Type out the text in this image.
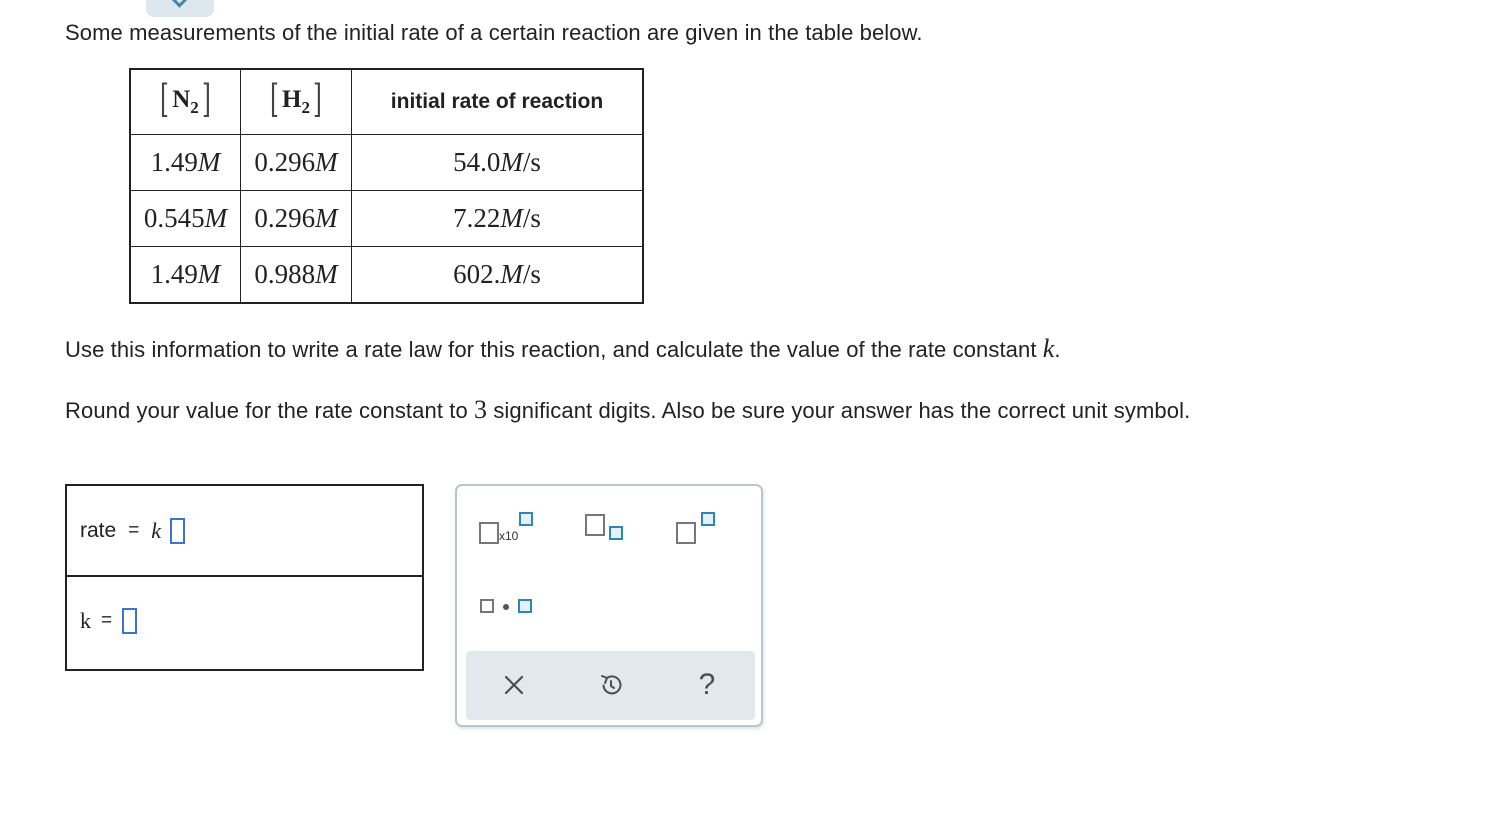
Some measurements of the initial rate of a certain reaction are given in the table below.
[ $N_2$]	[ $H_2$]	initial rate of reaction
1.49M	0.296M	54.0M/s
0.545M	0.296M	7.22M/s
1.49M	0.988M	602.M/s
Use this information to write a rate law for this reaction, and calculate the value of the rate constant k.
Round your value for the rate constant to 3 significant digits. Also be sure your answer has the correct unit symbol.
rate = k
k =
x10
?
